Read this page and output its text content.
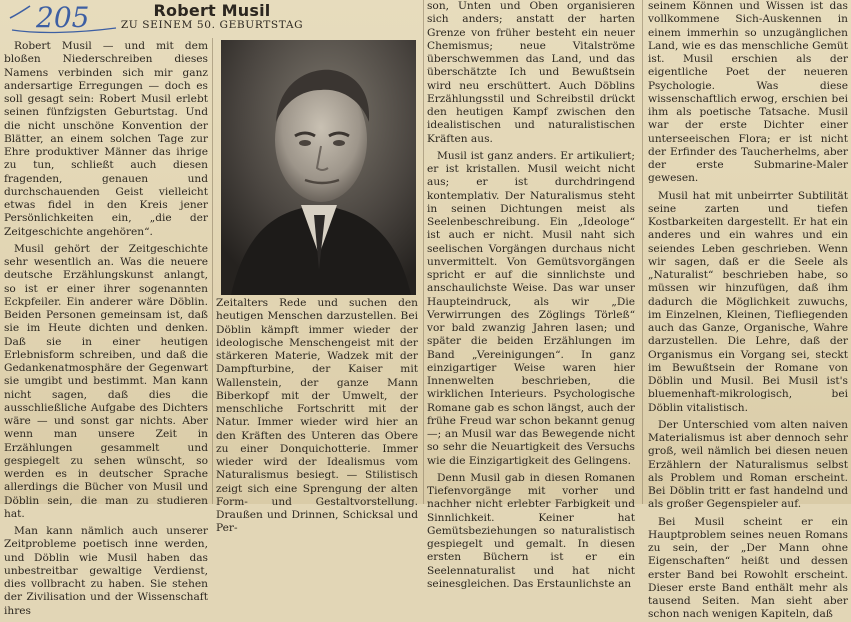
205	Robert Musil
ZU SEINEM 50. GEBURTSTAG

Robert Musil — und mit dem bloßen Niederschreiben dieses Namens verbinden sich mir ganz andersartige Erregungen — doch es soll gesagt sein: Robert Musil erlebt seinen fünfzigsten Geburtstag. Und die nicht unschöne Konvention der Blätter, an einem solchen Tage zur Ehre produktiver Männer das ihrige zu tun, schließt auch diesen fragenden, genauen und durchschauenden Geist vielleicht etwas fidel in den Kreis jener Persönlichkeiten ein, „die der Zeitgeschichte angehören“.

Musil gehört der Zeitgeschichte sehr wesentlich an. Was die neuere deutsche Erzählungskunst anlangt, so ist er einer ihrer sogenannten Eckpfeiler. Ein anderer wäre Döblin. Beiden Personen gemeinsam ist, daß sie im Heute dichten und denken. Daß sie in einer heutigen Erlebnisform schreiben, und daß die Gedankenatmosphäre der Gegenwart sie umgibt und bestimmt. Man kann nicht sagen, daß dies die ausschließliche Aufgabe des Dichters wäre — und sonst gar nichts. Aber wenn man unsere Zeit in Erzählungen gesammelt und gespiegelt zu sehen wünscht, so werden es in deutscher Sprache allerdings die Bücher von Musil und Döblin sein, die man zu studieren hat.

Man kann nämlich auch unserer Zeitprobleme poetisch inne werden, und Döblin wie Musil haben das unbestreitbar gewaltige Verdienst, dies vollbracht zu haben. Sie stehen der Zivilisation und der Wissenschaft ihres

Zeitalters Rede und suchen den heutigen Menschen darzustellen. Bei Döblin kämpft immer wieder der ideologische Menschengeist mit der stärkeren Materie, Wadzek mit der Dampfturbine, der Kaiser mit Wallenstein, der ganze Mann Biberkopf mit der Umwelt, der menschliche Fortschritt mit der Natur. Immer wieder wird hier an den Kräften des Unteren das Obere zu einer Donquichotterie. Immer wieder wird der Idealismus vom Naturalismus besiegt. — Stilistisch zeigt sich eine Sprengung der alten Form- und Gestaltvorstellung. Draußen und Drinnen, Schicksal und Per-

son, Unten und Oben organisieren sich anders; anstatt der harten Grenze von früher besteht ein neuer Chemismus; neue Vitalströme überschwemmen das Land, und das überschätzte Ich und Bewußtsein wird neu erschüttert. Auch Döblins Erzählungsstil und Schreibstil drückt den heutigen Kampf zwischen den idealistischen und naturalistischen Kräften aus.

Musil ist ganz anders. Er artikuliert; er ist kristallen. Musil weicht nicht aus; er ist durchdringend kontemplativ. Der Naturalismus steht in seinen Dichtungen meist als Seelenbeschreibung. Ein „Ideologe“ ist auch er nicht. Musil naht sich seelischen Vorgängen durchaus nicht unvermittelt. Von Gemütsvorgängen spricht er auf die sinnlichste und anschaulichste Weise. Das war unser Haupteindruck, als wir „Die Verwirrungen des Zöglings Törleß“ vor bald zwanzig Jahren lasen; und später die beiden Erzählungen im Band „Vereinigungen“. In ganz einzigartiger Weise waren hier Innenwelten beschrieben, die wirklichen Interieurs. Psychologische Romane gab es schon längst, auch der frühe Freud war schon bekannt genug —; an Musil war das Bewegende nicht so sehr die Neuartigkeit des Versuchs wie die Einzigartigkeit des Gelingens.

Denn Musil gab in diesen Romanen Tiefenvorgänge mit vorher und nachher nicht erlebter Farbigkeit und Sinnlichkeit. Keiner hat Gemütsbeziehungen so naturalistisch gespiegelt und gemalt. In diesen ersten Büchern ist er ein Seelennaturalist und hat nicht seinesgleichen. Das Erstaunlichste an

seinem Können und Wissen ist das vollkommene Sich-Auskennen in einem immerhin so unzugänglichen Land, wie es das menschliche Gemüt ist. Musil erschien als der eigentliche Poet der neueren Psychologie. Was diese wissenschaftlich erwog, erschien bei ihm als poetische Tatsache. Musil war der erste Dichter einer unterseeischen Flora; er ist nicht der Erfinder des Taucherhelms, aber der erste Submarine-Maler gewesen.

Musil hat mit unbeirrter Subtilität seine zarten und tiefen Kostbarkeiten dargestellt. Er hat ein anderes und ein wahres und ein seiendes Leben geschrieben. Wenn wir sagen, daß er die Seele als „Naturalist“ beschrieben habe, so müssen wir hinzufügen, daß ihm dadurch die Möglichkeit zuwuchs, im Einzelnen, Kleinen, Tiefliegenden auch das Ganze, Organische, Wahre darzustellen. Die Lehre, daß der Organismus ein Vorgang sei, steckt im Bewußtsein der Romane von Döblin und Musil. Bei Musil ist's bluemenhaft-mikrologisch, bei Döblin vitalistisch.

Der Unterschied vom alten naiven Materialismus ist aber dennoch sehr groß, weil nämlich bei diesen neuen Erzählern der Naturalismus selbst als Problem und Roman erscheint. Bei Döblin tritt er fast handelnd und als großer Gegenspieler auf.

Bei Musil scheint er ein Hauptproblem seines neuen Romans zu sein, der „Der Mann ohne Eigenschaften“ heißt und dessen erster Band bei Rowohlt erscheint. Dieser erste Band enthält mehr als tausend Seiten. Man sieht aber schon nach wenigen Kapiteln, daß
